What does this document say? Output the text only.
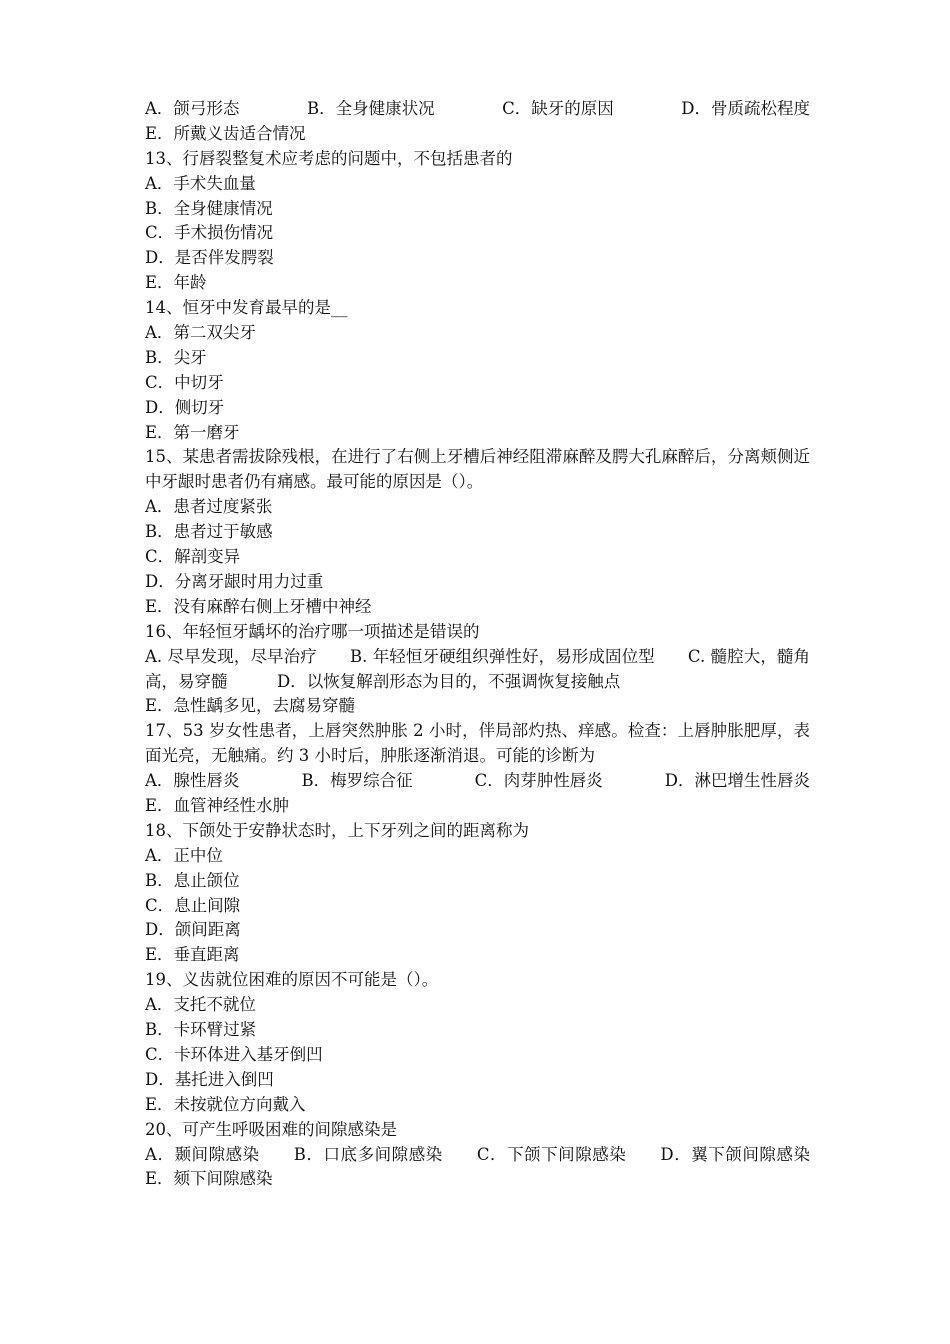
A．颌弓形态	B．全身健康状况	C．缺牙的原因	D．骨质疏松程度
E．所戴义齿适合情况
13、行唇裂整复术应考虑的问题中，不包括患者的
A．手术失血量
B．全身健康情况
C．手术损伤情况
D．是否伴发腭裂
E．年龄
14、恒牙中发育最早的是__
A．第二双尖牙
B．尖牙
C．中切牙
D．侧切牙
E．第一磨牙
15、某患者需拔除残根，在进行了右侧上牙槽后神经阻滞麻醉及腭大孔麻醉后，分离颊侧近中牙龈时患者仍有痛感。最可能的原因是（）。
A．患者过度紧张
B．患者过于敏感
C．解剖变异
D．分离牙龈时用力过重
E．没有麻醉右侧上牙槽中神经
16、年轻恒牙龋坏的治疗哪一项描述是错误的
A. 尽早发现，尽早治疗　　B. 年轻恒牙硬组织弹性好，易形成固位型　　C. 髓腔大，髓角高，易穿髓　　　D．以恢复解剖形态为目的，不强调恢复接触点
E．急性龋多见，去腐易穿髓
17、53 岁女性患者，上唇突然肿胀 2 小时，伴局部灼热、痒感。检查：上唇肿胀肥厚，表面光亮，无触痛。约 3 小时后，肿胀逐渐消退。可能的诊断为
A．腺性唇炎	B．梅罗综合征	C．肉芽肿性唇炎	D．淋巴增生性唇炎
E．血管神经性水肿
18、下颌处于安静状态时，上下牙列之间的距离称为
A．正中位
B．息止颌位
C．息止间隙
D．颌间距离
E．垂直距离
19、义齿就位困难的原因不可能是（）。
A．支托不就位
B．卡环臂过紧
C．卡环体进入基牙倒凹
D．基托进入倒凹
E．未按就位方向戴入
20、可产生呼吸困难的间隙感染是
A．颞间隙感染　　B．口底多间隙感染　　C．下颌下间隙感染　　D．翼下颌间隙感染　　E．颏下间隙感染
